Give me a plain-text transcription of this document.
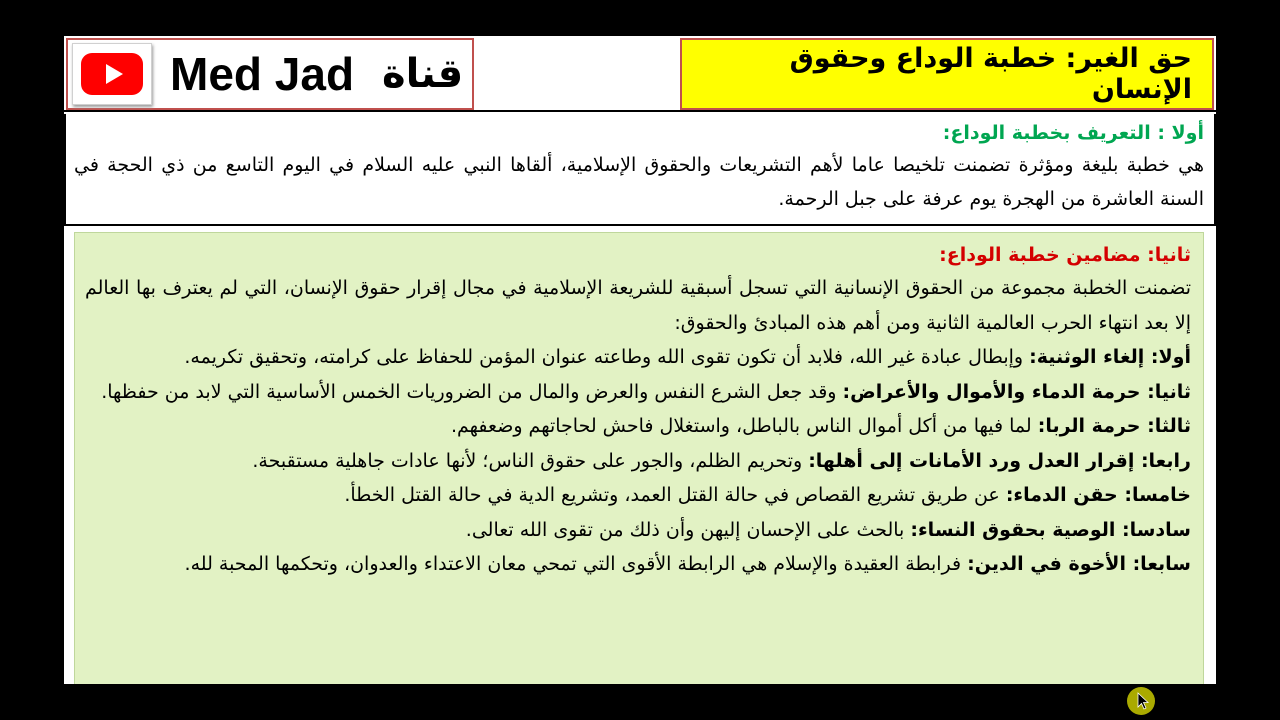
حق الغير: خطبة الوداع وحقوق الإنسان
Med Jad قناة
أولا : التعريف بخطبة الوداع:
هي خطبة بليغة ومؤثرة تضمنت تلخيصا عاما لأهم التشريعات والحقوق الإسلامية، ألقاها النبي عليه السلام في اليوم التاسع من ذي الحجة في السنة العاشرة من الهجرة يوم عرفة على جبل الرحمة.
ثانيا: مضامين خطبة الوداع:
تضمنت الخطبة مجموعة من الحقوق الإنسانية التي تسجل أسبقية للشريعة الإسلامية في مجال إقرار حقوق الإنسان، التي لم يعترف بها العالم إلا بعد انتهاء الحرب العالمية الثانية ومن أهم هذه المبادئ والحقوق:
أولا: إلغاء الوثنية: وإبطال عبادة غير الله، فلابد أن تكون تقوى الله وطاعته عنوان المؤمن للحفاظ على كرامته، وتحقيق تكريمه.
ثانيا: حرمة الدماء والأموال والأعراض: وقد جعل الشرع النفس والعرض والمال من الضروريات الخمس الأساسية التي لابد من حفظها.
ثالثا: حرمة الربا: لما فيها من أكل أموال الناس بالباطل، واستغلال فاحش لحاجاتهم وضعفهم.
رابعا: إقرار العدل ورد الأمانات إلى أهلها: وتحريم الظلم، والجور على حقوق الناس؛ لأنها عادات جاهلية مستقبحة.
خامسا: حقن الدماء: عن طريق تشريع القصاص في حالة القتل العمد، وتشريع الدية في حالة القتل الخطأ.
سادسا: الوصية بحقوق النساء: بالحث على الإحسان إليهن وأن ذلك من تقوى الله تعالى.
سابعا: الأخوة في الدين: فرابطة العقيدة والإسلام هي الرابطة الأقوى التي تمحي معان الاعتداء والعدوان، وتحكمها المحبة لله.
